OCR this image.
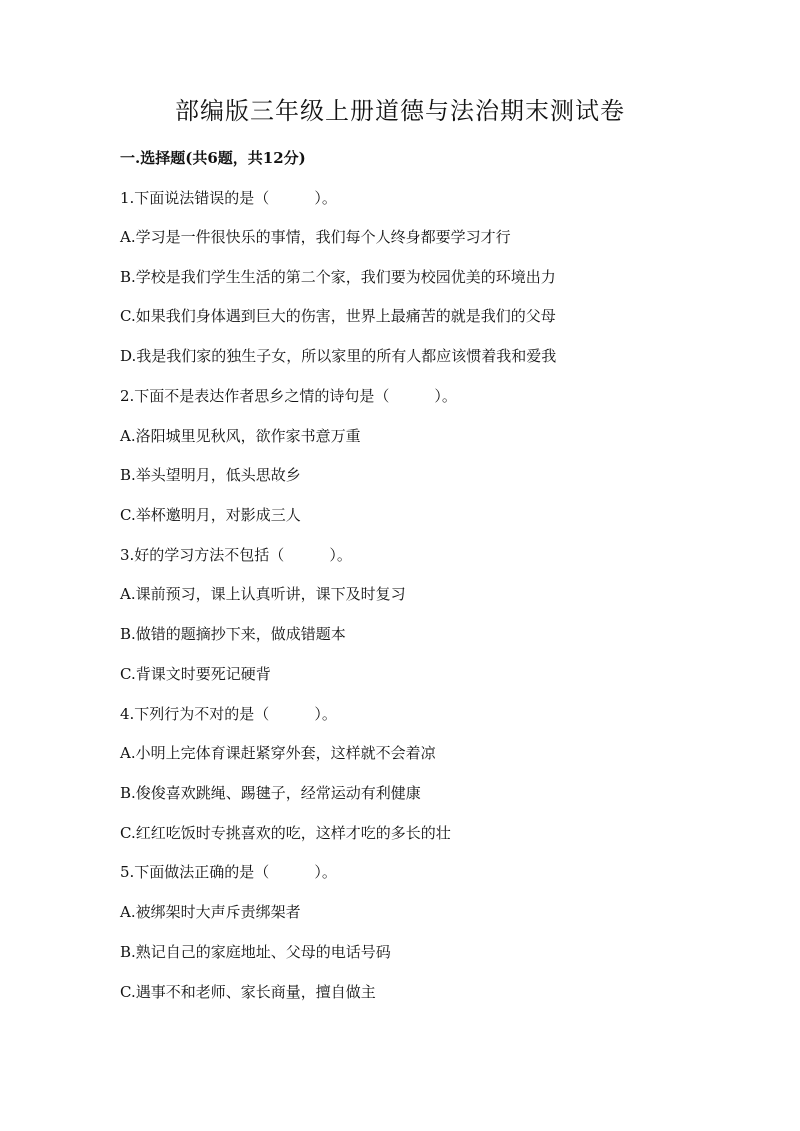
部编版三年级上册道德与法治期末测试卷
一.选择题(共6题，共12分)
1.下面说法错误的是（　　　）。
A.学习是一件很快乐的事情，我们每个人终身都要学习才行
B.学校是我们学生生活的第二个家，我们要为校园优美的环境出力
C.如果我们身体遇到巨大的伤害，世界上最痛苦的就是我们的父母
D.我是我们家的独生子女，所以家里的所有人都应该惯着我和爱我
2.下面不是表达作者思乡之情的诗句是（　　　）。
A.洛阳城里见秋风，欲作家书意万重
B.举头望明月，低头思故乡
C.举杯邀明月，对影成三人
3.好的学习方法不包括（　　　）。
A.课前预习，课上认真听讲，课下及时复习
B.做错的题摘抄下来，做成错题本
C.背课文时要死记硬背
4.下列行为不对的是（　　　）。
A.小明上完体育课赶紧穿外套，这样就不会着凉
B.俊俊喜欢跳绳、踢毽子，经常运动有利健康
C.红红吃饭时专挑喜欢的吃，这样才吃的多长的壮
5.下面做法正确的是（　　　）。
A.被绑架时大声斥责绑架者
B.熟记自己的家庭地址、父母的电话号码
C.遇事不和老师、家长商量，擅自做主
